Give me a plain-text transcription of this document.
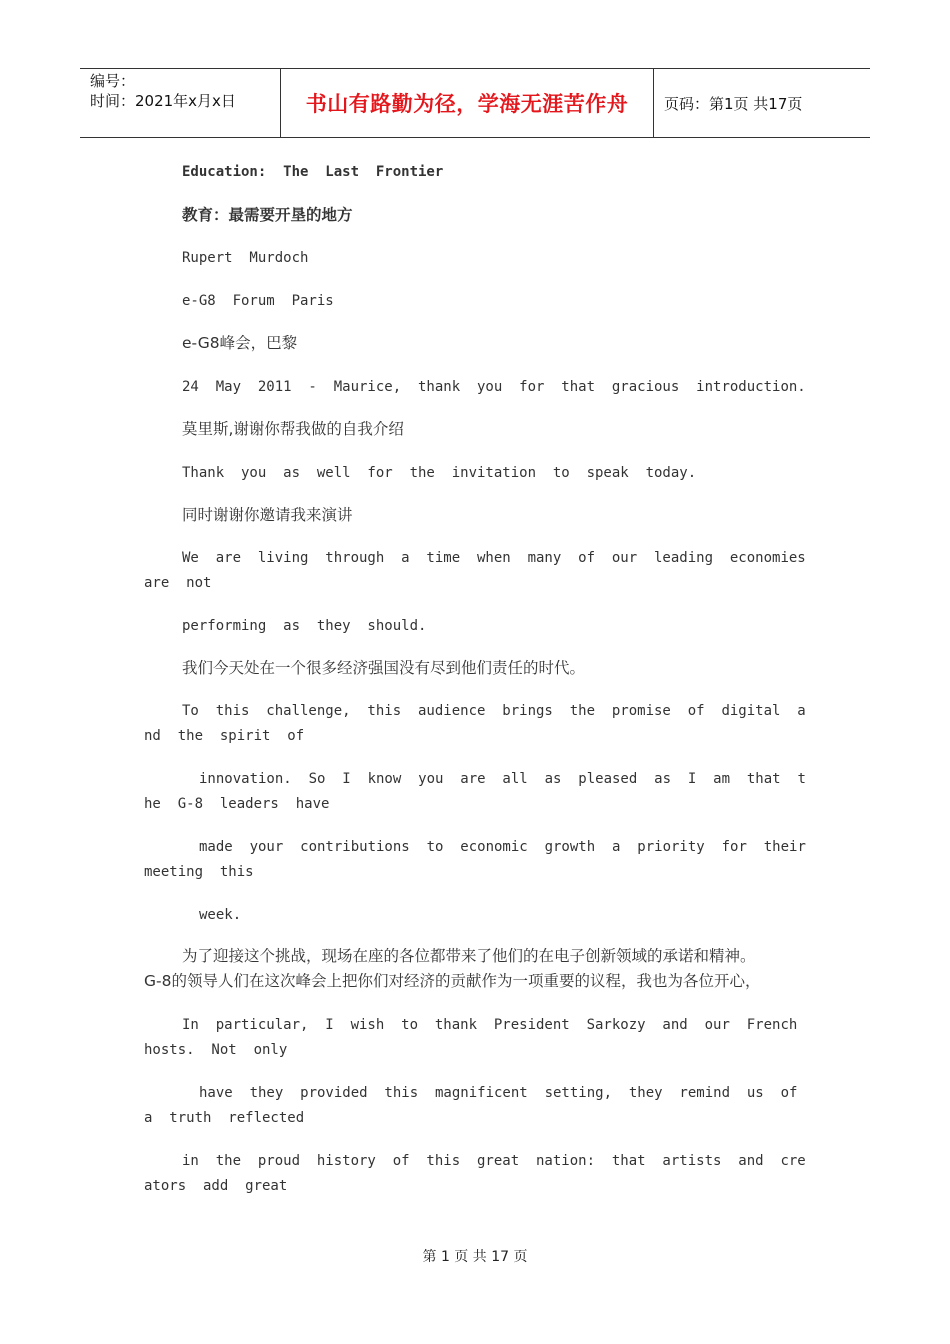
编号：
时间：2021年x月x日	书山有路勤为径，学海无涯苦作舟 页码：第1页 共17页
Education:  The  Last  Frontier
教育：最需要开垦的地方
Rupert  Murdoch
e-G8  Forum  Paris
e-G8峰会，巴黎
24  May  2011  -  Maurice,  thank  you  for  that  gracious  introduction.
莫里斯,谢谢你帮我做的自我介绍
Thank  you  as  well  for  the  invitation  to  speak  today.
同时谢谢你邀请我来演讲
We  are  living  through  a  time  when  many  of  our  leading  economies
are  not
performing  as  they  should.
我们今天处在一个很多经济强国没有尽到他们责任的时代。
To  this  challenge,  this  audience  brings  the  promise  of  digital  a
nd  the  spirit  of
innovation.  So  I  know  you  are  all  as  pleased  as  I  am  that  t
he  G-8  leaders  have
made  your  contributions  to  economic  growth  a  priority  for  their
meeting  this
week.
为了迎接这个挑战，现场在座的各位都带来了他们的在电子创新领域的承诺和精神。
G-8的领导人们在这次峰会上把你们对经济的贡献作为一项重要的议程，我也为各位开心，
In  particular,  I  wish  to  thank  President  Sarkozy  and  our  French
hosts.  Not  only
have  they  provided  this  magnificent  setting,  they  remind  us  of
a  truth  reflected
in  the  proud  history  of  this  great  nation:  that  artists  and  cre
ators  add  great
第 1 页 共 17 页
